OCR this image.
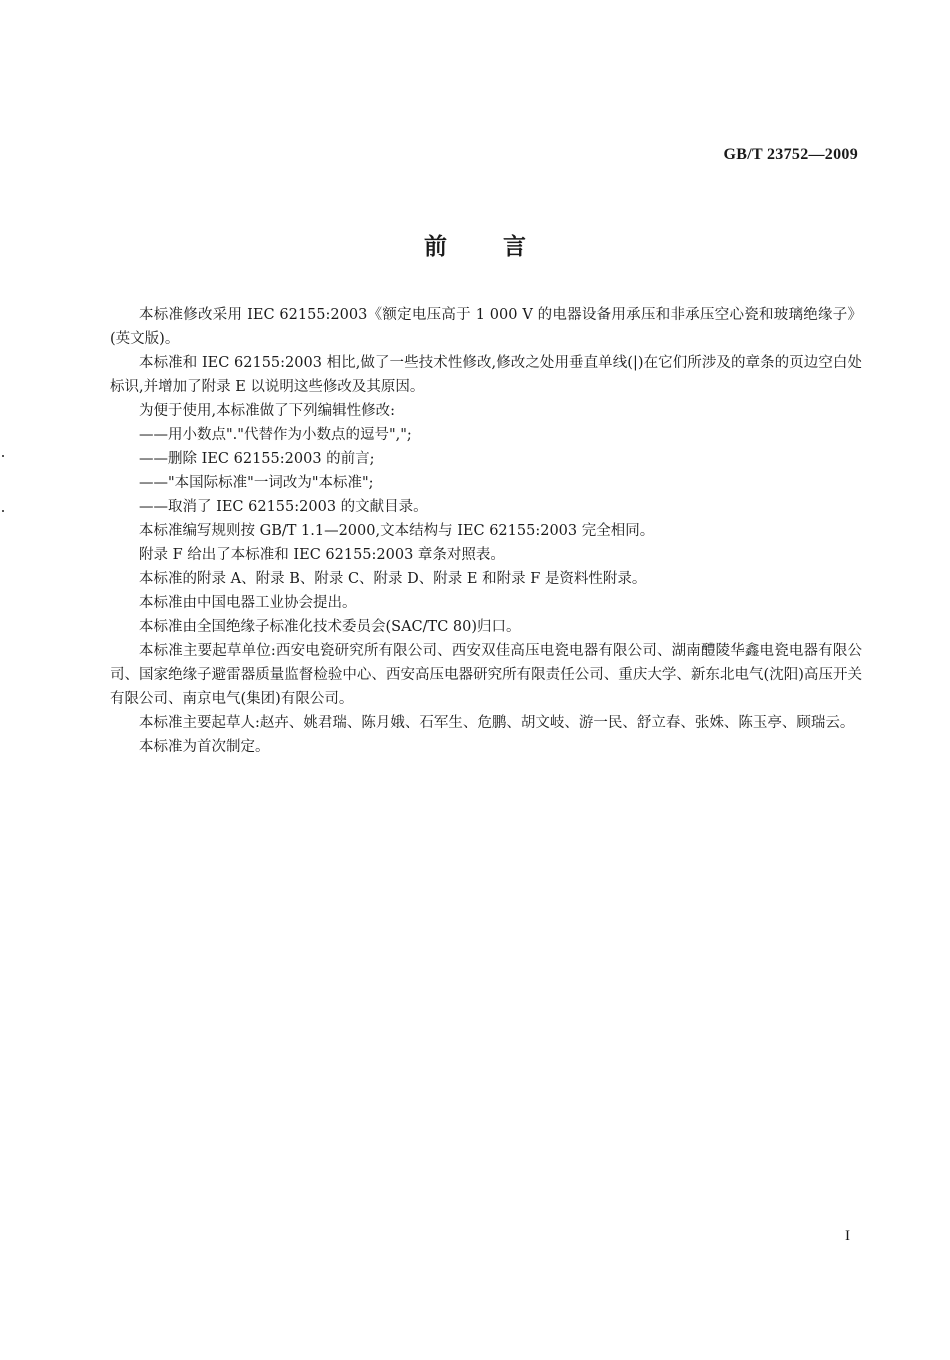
GB/T 23752—2009
前 言

本标准修改采用 IEC 62155:2003《额定电压高于 1 000 V 的电器设备用承压和非承压空心瓷和玻璃绝缘子》(英文版)。

本标准和 IEC 62155:2003 相比,做了一些技术性修改,修改之处用垂直单线(|)在它们所涉及的章条的页边空白处标识,并增加了附录 E 以说明这些修改及其原因。

为便于使用,本标准做了下列编辑性修改:

——用小数点"."代替作为小数点的逗号",";

——删除 IEC 62155:2003 的前言;

——"本国际标准"一词改为"本标准";

——取消了 IEC 62155:2003 的文献目录。

本标准编写规则按 GB/T 1.1—2000,文本结构与 IEC 62155:2003 完全相同。

附录 F 给出了本标准和 IEC 62155:2003 章条对照表。

本标准的附录 A、附录 B、附录 C、附录 D、附录 E 和附录 F 是资料性附录。

本标准由中国电器工业协会提出。

本标准由全国绝缘子标准化技术委员会(SAC/TC 80)归口。

本标准主要起草单位:西安电瓷研究所有限公司、西安双佳高压电瓷电器有限公司、湖南醴陵华鑫电瓷电器有限公司、国家绝缘子避雷器质量监督检验中心、西安高压电器研究所有限责任公司、重庆大学、新东北电气(沈阳)高压开关有限公司、南京电气(集团)有限公司。

本标准主要起草人:赵卉、姚君瑞、陈月娥、石军生、危鹏、胡文岐、游一民、舒立春、张姝、陈玉亭、顾瑞云。

本标准为首次制定。

I
